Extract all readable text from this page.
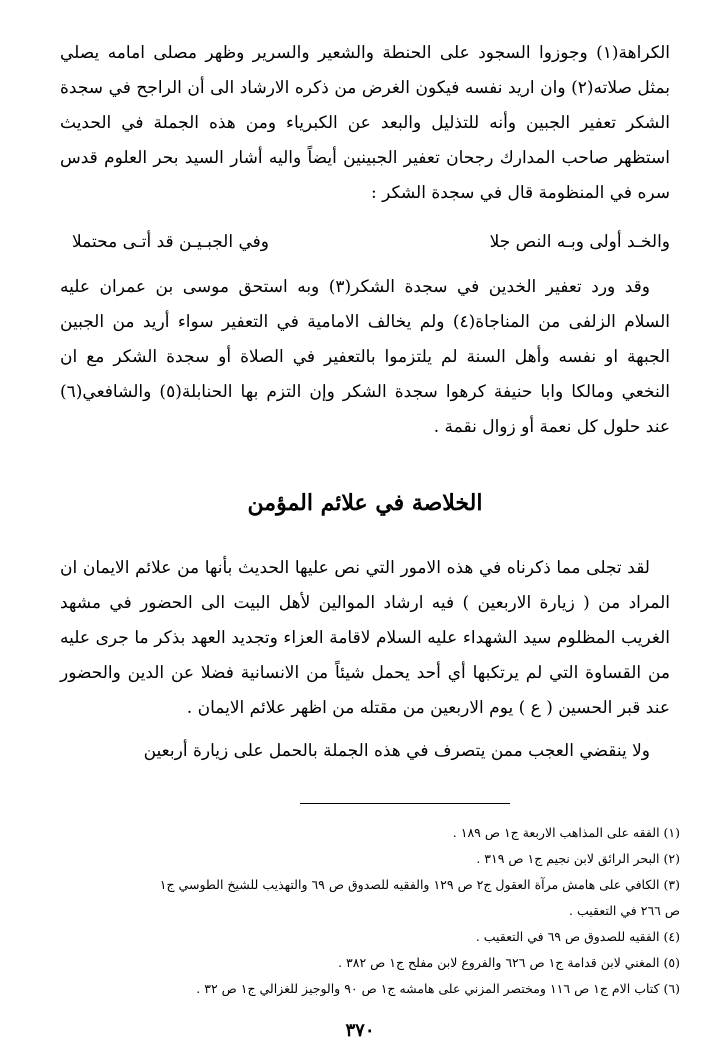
الكراهة(١) وجوزوا السجود على الحنطة والشعير والسرير وظهر مصلى امامه يصلي بمثل صلاته(٢) وان اريد نفسه فيكون الغرض من ذكره الارشاد الى أن الراجح في سجدة الشكر تعفير الجبين وأنه للتذليل والبعد عن الكبرياء ومن هذه الجملة في الحديث استظهر صاحب المدارك رجحان تعفير الجبينين أيضاً واليه أشار السيد بحر العلوم قدس سره في المنظومة قال في سجدة الشكر :

والخـد أولى وبـه النص جلا
وفي الجبـيـن قد أتـى محتملا

وقد ورد تعفير الخدين في سجدة الشكر(٣) وبه استحق موسى بن عمران عليه السلام الزلفى من المناجاة(٤) ولم يخالف الامامية في التعفير سواء أريد من الجبين الجبهة او نفسه وأهل السنة لم يلتزموا بالتعفير في الصلاة أو سجدة الشكر مع ان النخعي ومالكا وابا حنيفة كرهوا سجدة الشكر وإن التزم بها الحنابلة(٥) والشافعي(٦) عند حلول كل نعمة أو زوال نقمة .

الخلاصة في علائم المؤمن

لقد تجلى مما ذكرناه في هذه الامور التي نص عليها الحديث بأنها من علائم الايمان ان المراد من ( زيارة الاربعين ) فيه ارشاد الموالين لأهل البيت الى الحضور في مشهد الغريب المظلوم سيد الشهداء عليه السلام لاقامة العزاء وتجديد العهد بذكر ما جرى عليه من القساوة التي لم يرتكبها أي أحد يحمل شيئاً من الانسانية فضلا عن الدين والحضور عند قبر الحسين ( ع ) يوم الاربعين من مقتله من اظهر علائم الايمان .

ولا ينقضي العجب ممن يتصرف في هذه الجملة بالحمل على زيارة أربعين

(١) الفقه على المذاهب الاربعة ج١ ص ١٨٩ .
(٢) البحر الرائق لابن نجيم ج١ ص ٣١٩ .
(٣) الكافي على هامش مرآة العقول ج٢ ص ١٢٩ والفقيه للصدوق ص ٦٩ والتهذيب للشيخ الطوسي ج١
ص ٢٦٦ في التعقيب .
(٤) الفقيه للصدوق ص ٦٩ في التعقيب .
(٥) المغني لابن قدامة ج١ ص ٦٢٦ والفروع لابن مفلح ج١ ص ٣٨٢ .
(٦) كتاب الام ج١ ص ١١٦ ومختصر المزني على هامشه ج١ ص ٩٠ والوجيز للغزالي ج١ ص ٣٢ .
٣٧٠
